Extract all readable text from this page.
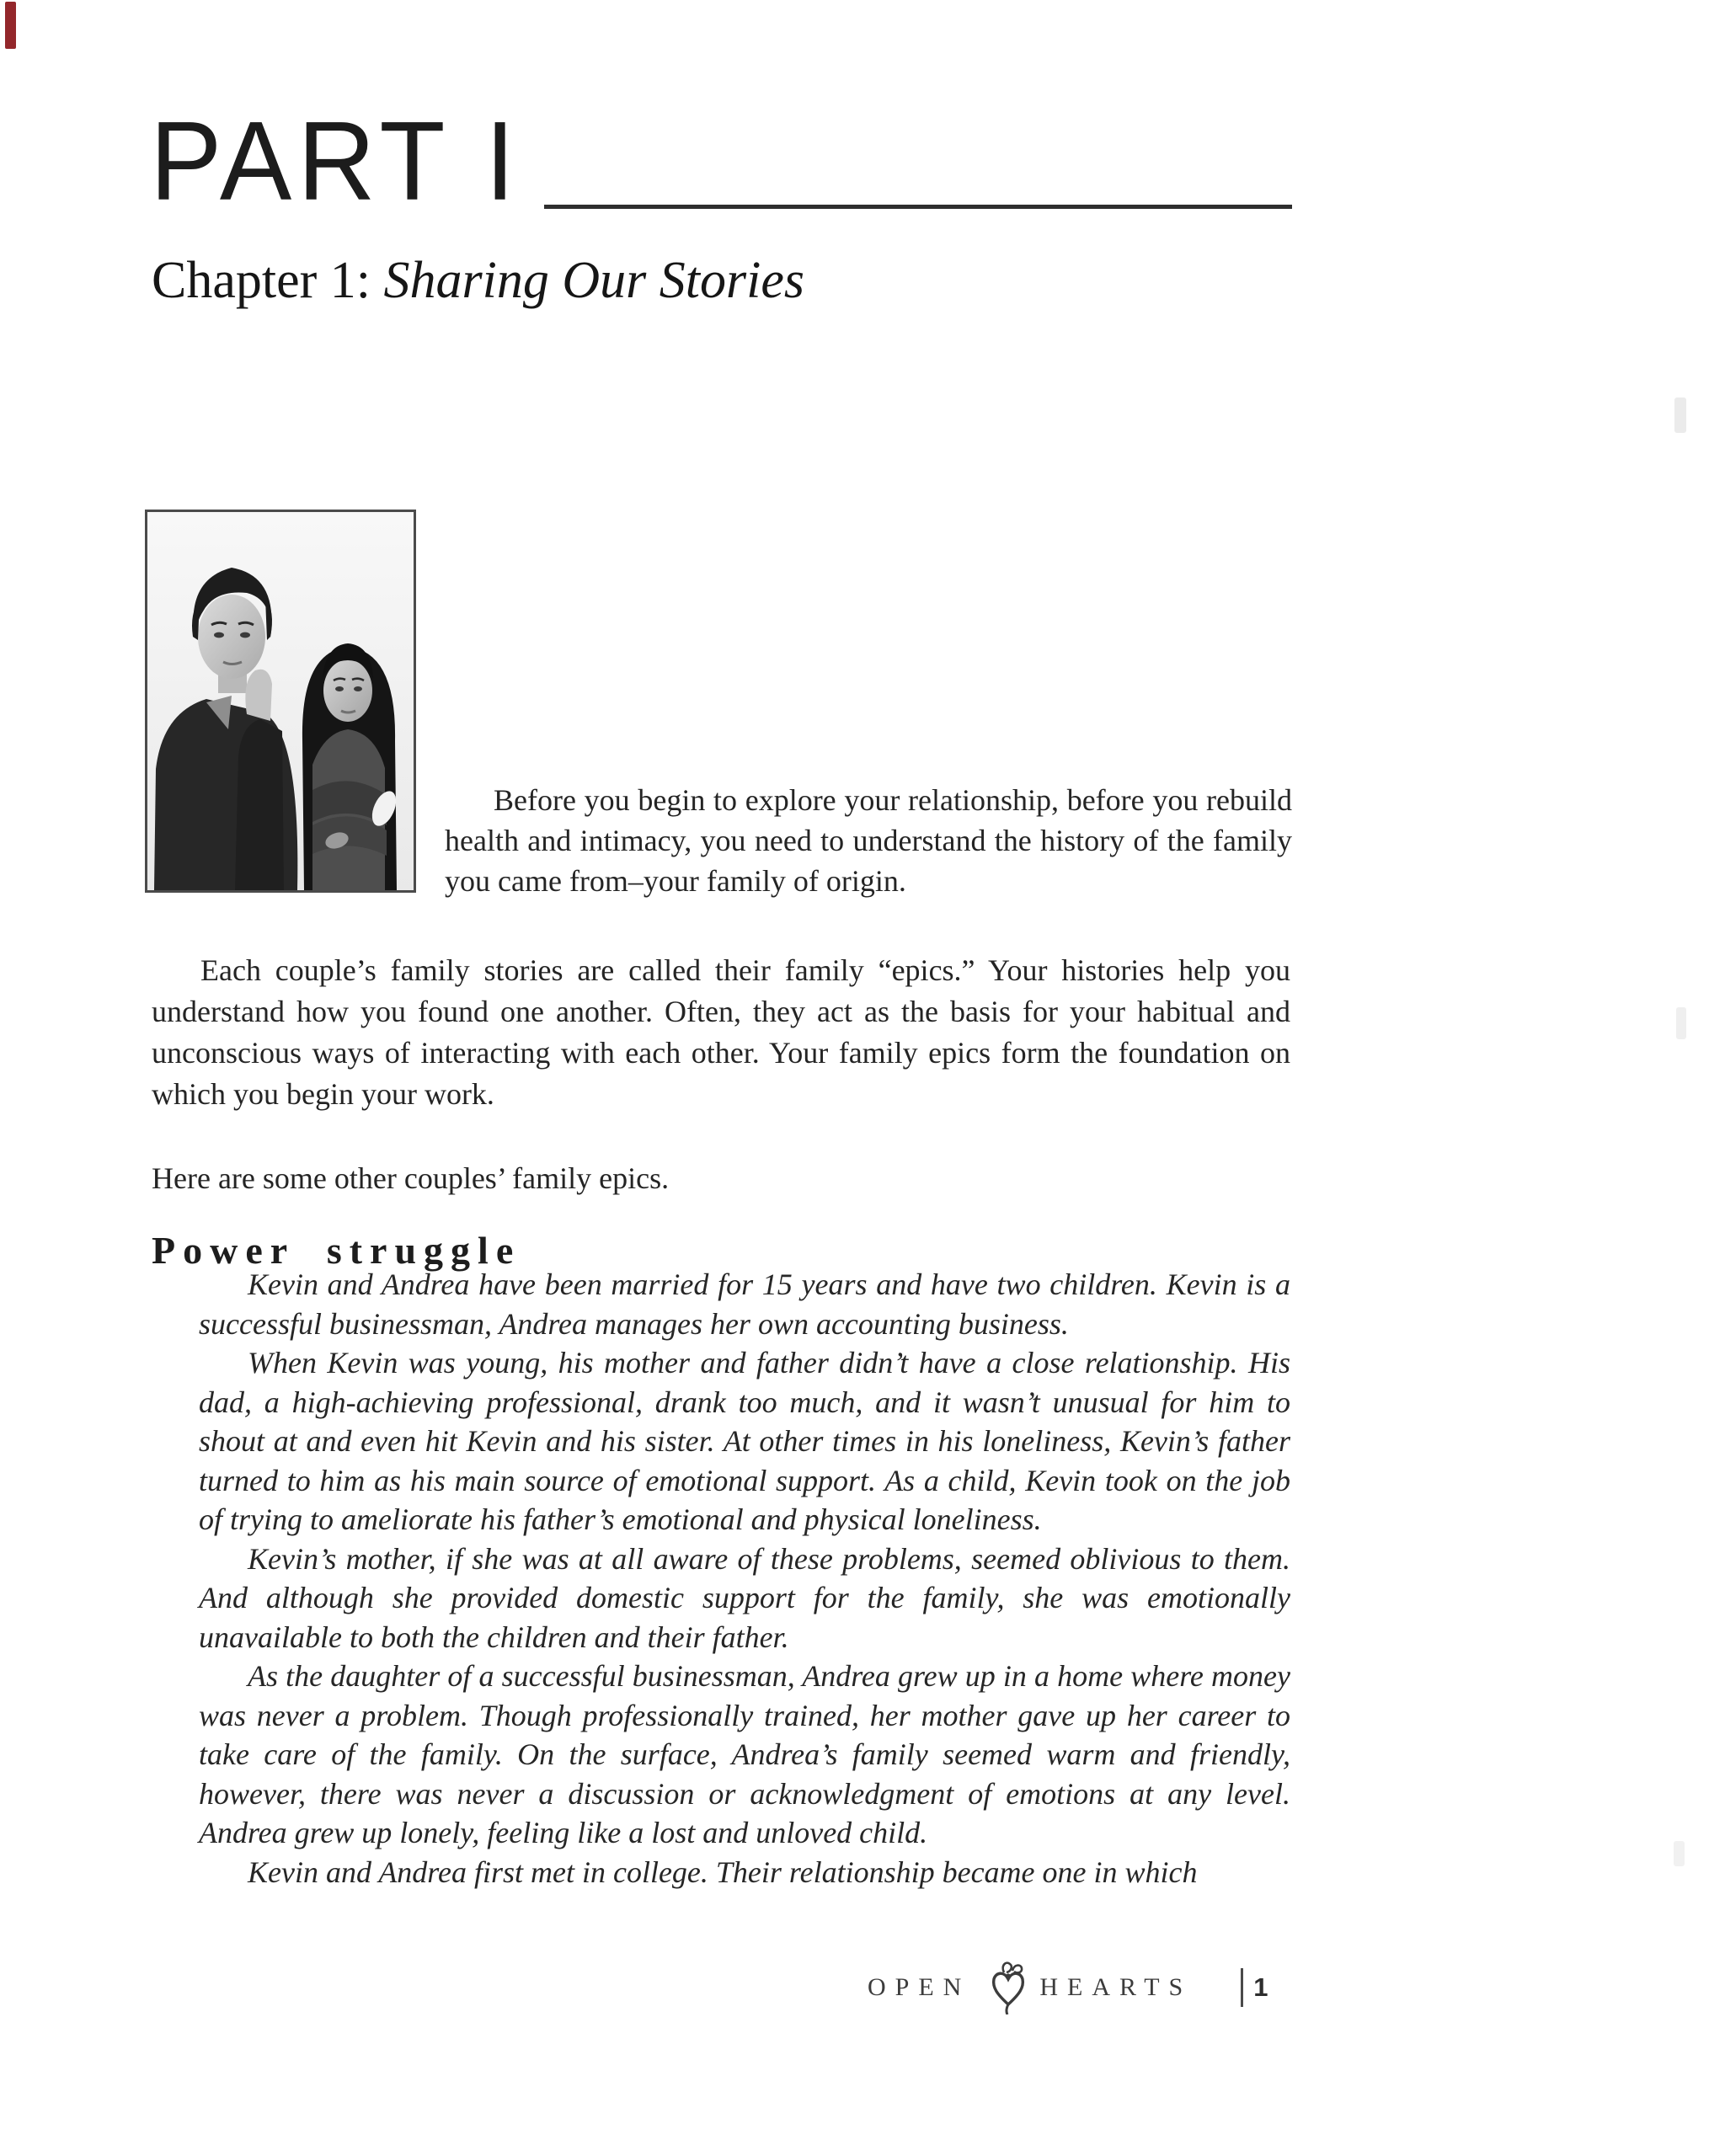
PART I
Chapter 1: Sharing Our Stories

Before you begin to explore your relationship, before you rebuild health and intimacy, you need to understand the history of the family you came from–your family of origin.

Each couple’s family stories are called their family “epics.” Your histories help you understand how you found one another. Often, they act as the basis for your habitual and unconscious ways of interacting with each other. Your family epics form the foundation on which you begin your work.

Here are some other couples’ family epics.

Power struggle

Kevin and Andrea have been married for 15 years and have two children. Kevin is a successful businessman, Andrea manages her own accounting business.

When Kevin was young, his mother and father didn’t have a close relationship. His dad, a high-achieving professional, drank too much, and it wasn’t unusual for him to shout at and even hit Kevin and his sister. At other times in his loneliness, Kevin’s father turned to him as his main source of emotional support. As a child, Kevin took on the job of trying to ameliorate his father’s emotional and physical loneliness.

Kevin’s mother, if she was at all aware of these problems, seemed oblivious to them. And although she provided domestic support for the family, she was emotionally unavailable to both the children and their father.

As the daughter of a successful businessman, Andrea grew up in a home where money was never a problem. Though professionally trained, her mother gave up her career to take care of the family. On the surface, Andrea’s family seemed warm and friendly, however, there was never a discussion or acknowledgment of emotions at any level. Andrea grew up lonely, feeling like a lost and unloved child.

Kevin and Andrea first met in college. Their relationship became one in which

OPEN	HEARTS 1
